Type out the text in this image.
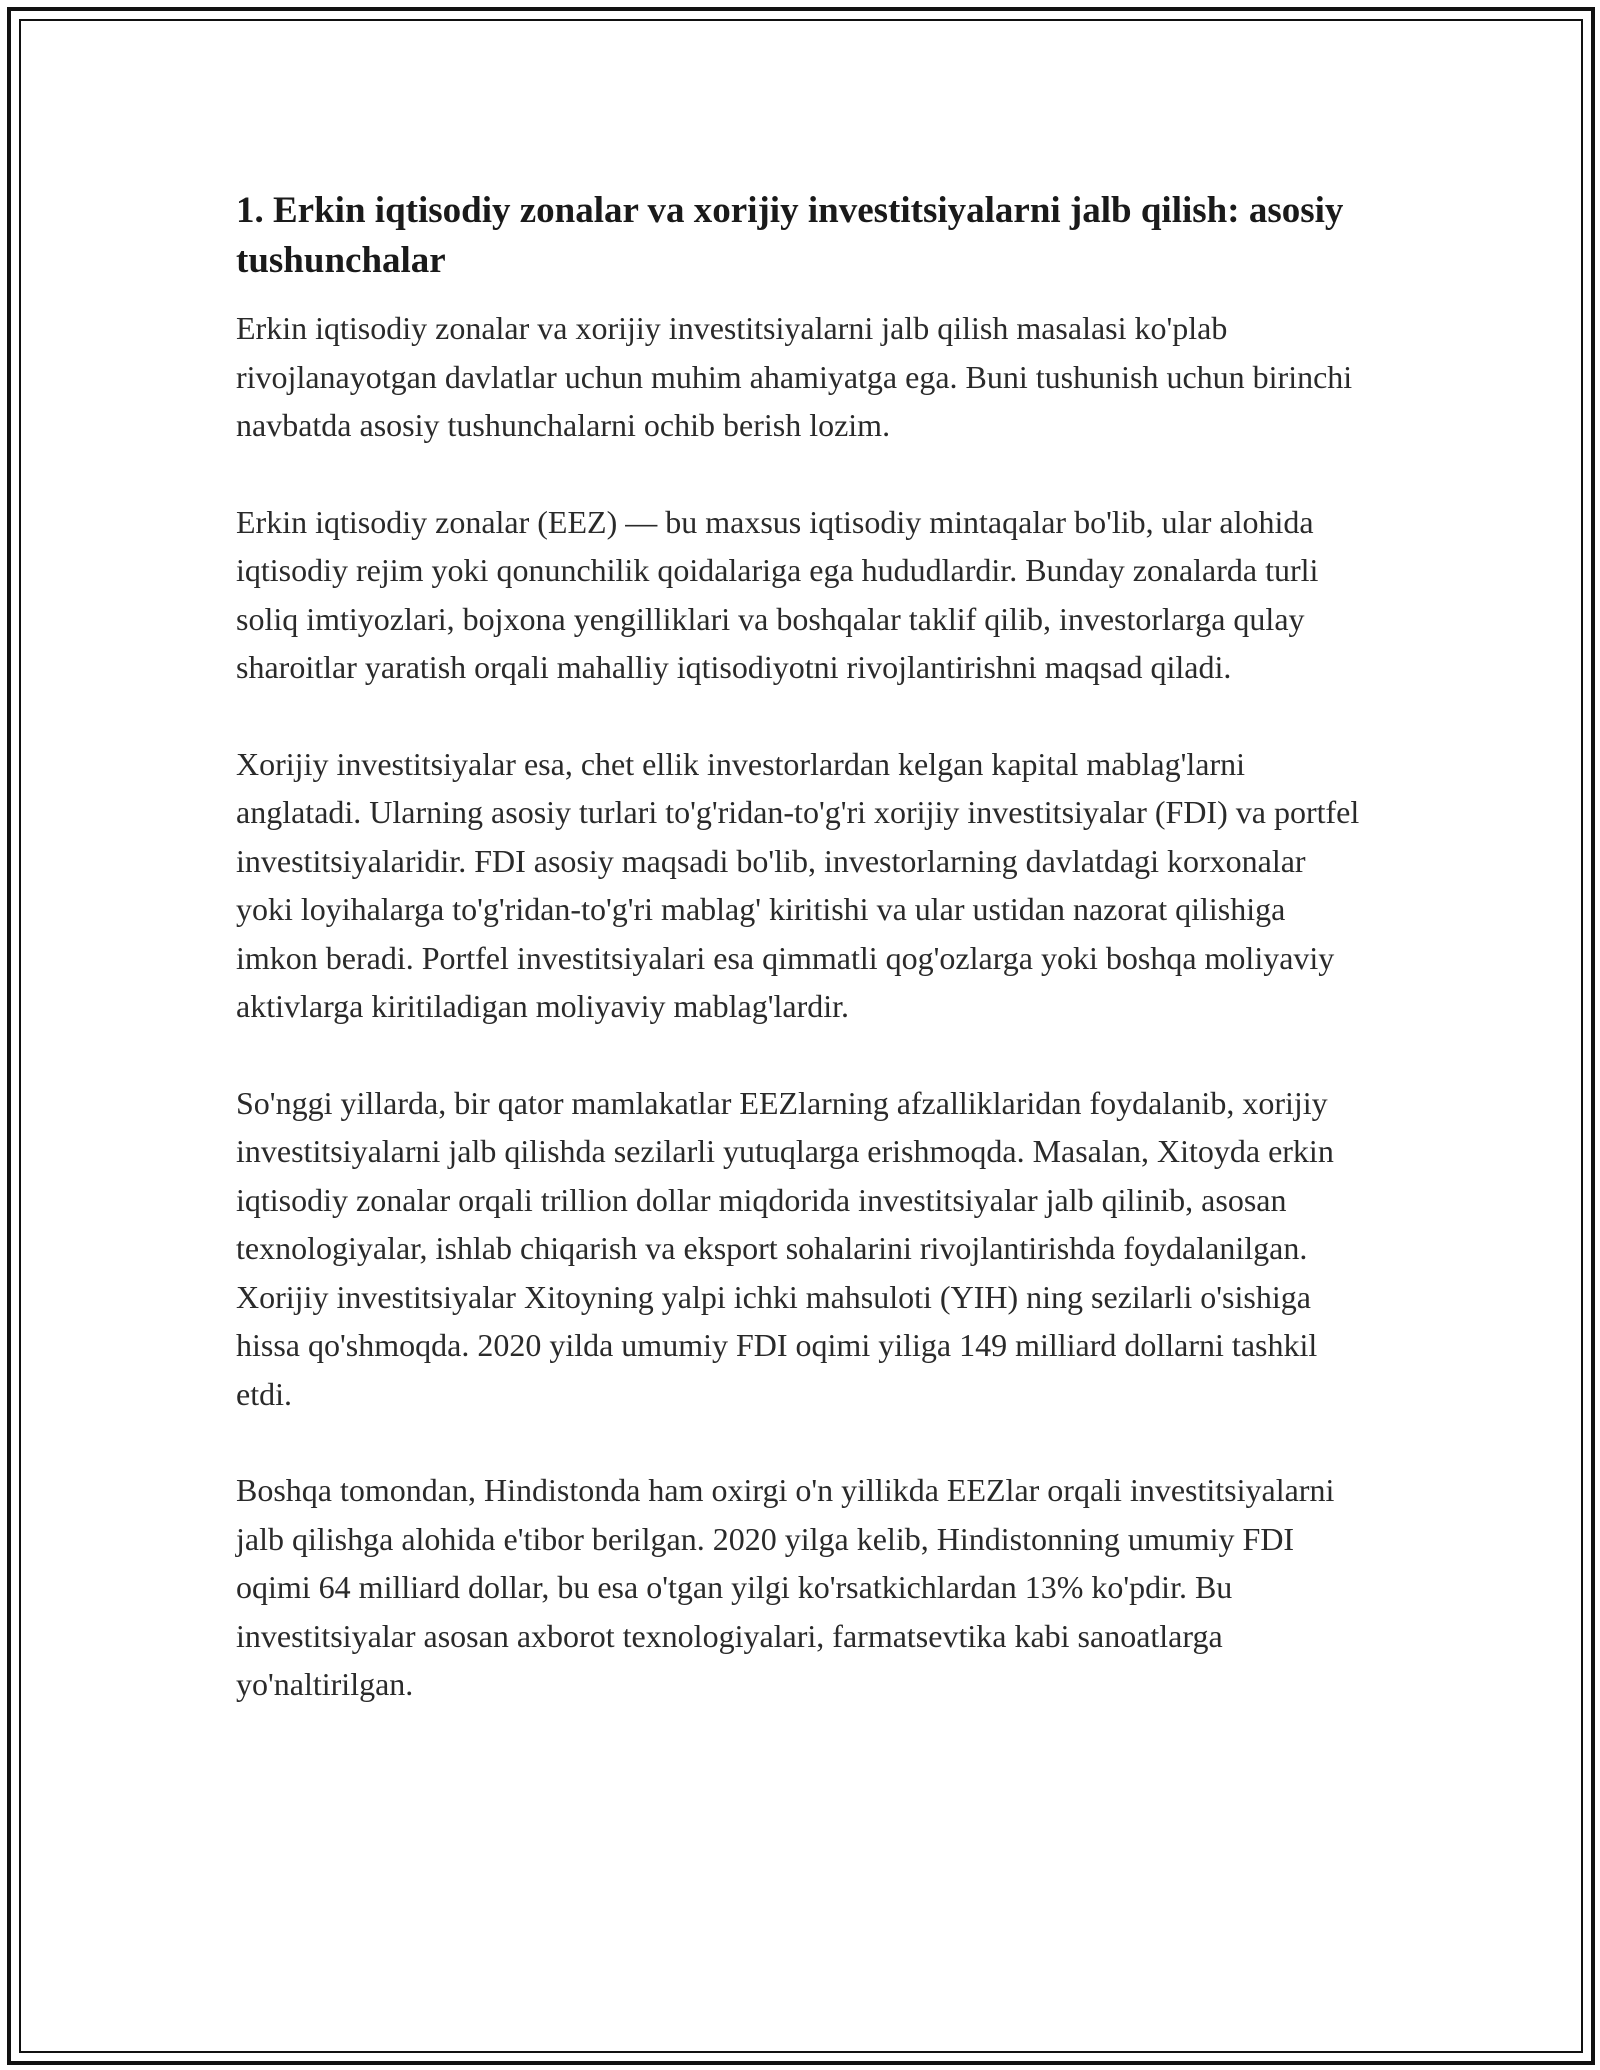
1. Erkin iqtisodiy zonalar va xorijiy investitsiyalarni jalb qilish: asosiy tushunchalar

Erkin iqtisodiy zonalar va xorijiy investitsiyalarni jalb qilish masalasi ko'plab rivojlanayotgan davlatlar uchun muhim ahamiyatga ega. Buni tushunish uchun birinchi navbatda asosiy tushunchalarni ochib berish lozim.

Erkin iqtisodiy zonalar (EEZ) — bu maxsus iqtisodiy mintaqalar bo'lib, ular alohida iqtisodiy rejim yoki qonunchilik qoidalariga ega hududlardir. Bunday zonalarda turli soliq imtiyozlari, bojxona yengilliklari va boshqalar taklif qilib, investorlarga qulay sharoitlar yaratish orqali mahalliy iqtisodiyotni rivojlantirishni maqsad qiladi.

Xorijiy investitsiyalar esa, chet ellik investorlardan kelgan kapital mablag'larni anglatadi. Ularning asosiy turlari to'g'ridan-to'g'ri xorijiy investitsiyalar (FDI) va portfel investitsiyalaridir. FDI asosiy maqsadi bo'lib, investorlarning davlatdagi korxonalar yoki loyihalarga to'g'ridan-to'g'ri mablag' kiritishi va ular ustidan nazorat qilishiga imkon beradi. Portfel investitsiyalari esa qimmatli qog'ozlarga yoki boshqa moliyaviy aktivlarga kiritiladigan moliyaviy mablag'lardir.

So'nggi yillarda, bir qator mamlakatlar EEZlarning afzalliklaridan foydalanib, xorijiy investitsiyalarni jalb qilishda sezilarli yutuqlarga erishmoqda. Masalan, Xitoyda erkin iqtisodiy zonalar orqali trillion dollar miqdorida investitsiyalar jalb qilinib, asosan texnologiyalar, ishlab chiqarish va eksport sohalarini rivojlantirishda foydalanilgan. Xorijiy investitsiyalar Xitoyning yalpi ichki mahsuloti (YIH) ning sezilarli o'sishiga hissa qo'shmoqda. 2020 yilda umumiy FDI oqimi yiliga 149 milliard dollarni tashkil etdi.

Boshqa tomondan, Hindistonda ham oxirgi o'n yillikda EEZlar orqali investitsiyalarni jalb qilishga alohida e'tibor berilgan. 2020 yilga kelib, Hindistonning umumiy FDI oqimi 64 milliard dollar, bu esa o'tgan yilgi ko'rsatkichlardan 13% ko'pdir. Bu investitsiyalar asosan axborot texnologiyalari, farmatsevtika kabi sanoatlarga yo'naltirilgan.
